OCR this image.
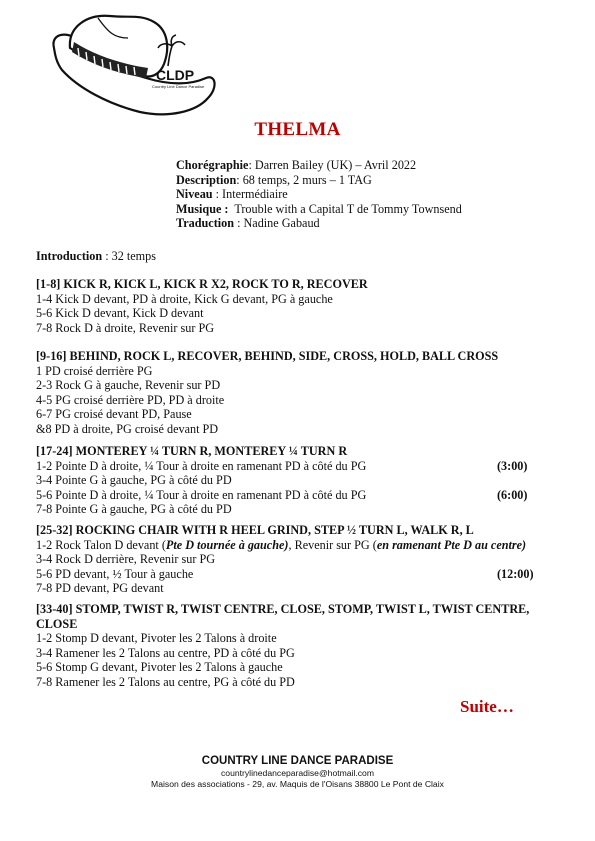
CLDP
Country Line Dance Paradise
THELMA
Chorégraphie: Darren Bailey (UK) – Avril 2022
Description: 68 temps, 2 murs – 1 TAG
Niveau : Intermédiaire
Musique :  Trouble with a Capital T de Tommy Townsend
Traduction : Nadine Gabaud
Introduction : 32 temps
[1-8] KICK R, KICK L, KICK R X2, ROCK TO R, RECOVER
1-4 Kick D devant, PD à droite, Kick G devant, PG à gauche
5-6 Kick D devant, Kick D devant
7-8 Rock D à droite, Revenir sur PG
[9-16] BEHIND, ROCK L, RECOVER, BEHIND, SIDE, CROSS, HOLD, BALL CROSS
1 PD croisé derrière PG
2-3 Rock G à gauche, Revenir sur PD
4-5 PG croisé derrière PD, PD à droite
6-7 PG croisé devant PD, Pause
&8 PD à droite, PG croisé devant PD
[17-24] MONTEREY ¼ TURN R, MONTEREY ¼ TURN R
1-2 Pointe D à droite, ¼ Tour à droite en ramenant PD à côté du PG	(3:00)
3-4 Pointe G à gauche, PG à côté du PD
5-6 Pointe D à droite, ¼ Tour à droite en ramenant PD à côté du PG	(6:00)
7-8 Pointe G à gauche, PG à côté du PD
[25-32] ROCKING CHAIR WITH R HEEL GRIND, STEP ½ TURN L, WALK R, L
1-2 Rock Talon D devant (Pte D tournée à gauche), Revenir sur PG (en ramenant Pte D au centre)
3-4 Rock D derrière, Revenir sur PG
5-6 PD devant, ½ Tour à gauche	(12:00)
7-8 PD devant, PG devant
[33-40] STOMP, TWIST R, TWIST CENTRE, CLOSE, STOMP, TWIST L, TWIST CENTRE, CLOSE
1-2 Stomp D devant, Pivoter les 2 Talons à droite
3-4 Ramener les 2 Talons au centre, PD à côté du PG
5-6 Stomp G devant, Pivoter les 2 Talons à gauche
7-8 Ramener les 2 Talons au centre, PG à côté du PD
Suite…
COUNTRY LINE DANCE PARADISE
countrylinedanceparadise@hotmail.com
Maison des associations - 29, av. Maquis de l'Oisans 38800 Le Pont de Claix
